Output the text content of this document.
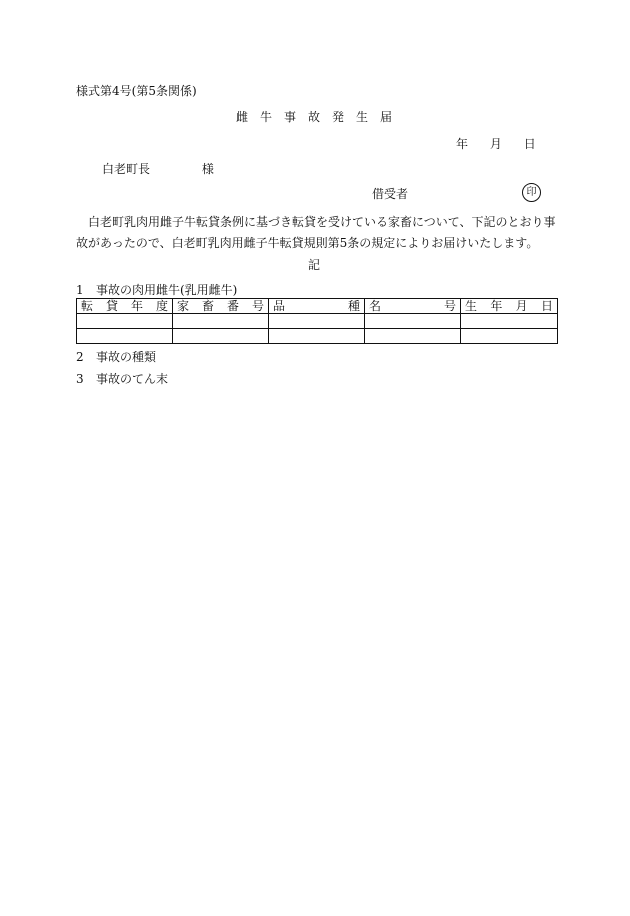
様式第4号(第5条関係)
雌牛事故発生届
年 月 日
白老町長	様
借受者	印
白老町乳肉用雌子牛転貸条例に基づき転貸を受けている家畜について、下記のとおり事故があったので、白老町乳肉用雌子牛転貸規則第5条の規定によりお届けいたします。
記
1 事故の肉用雌牛(乳用雌牛)
転貸年度	家畜番号	品種	名号	生年月日

2 事故の種類
3 事故のてん末
